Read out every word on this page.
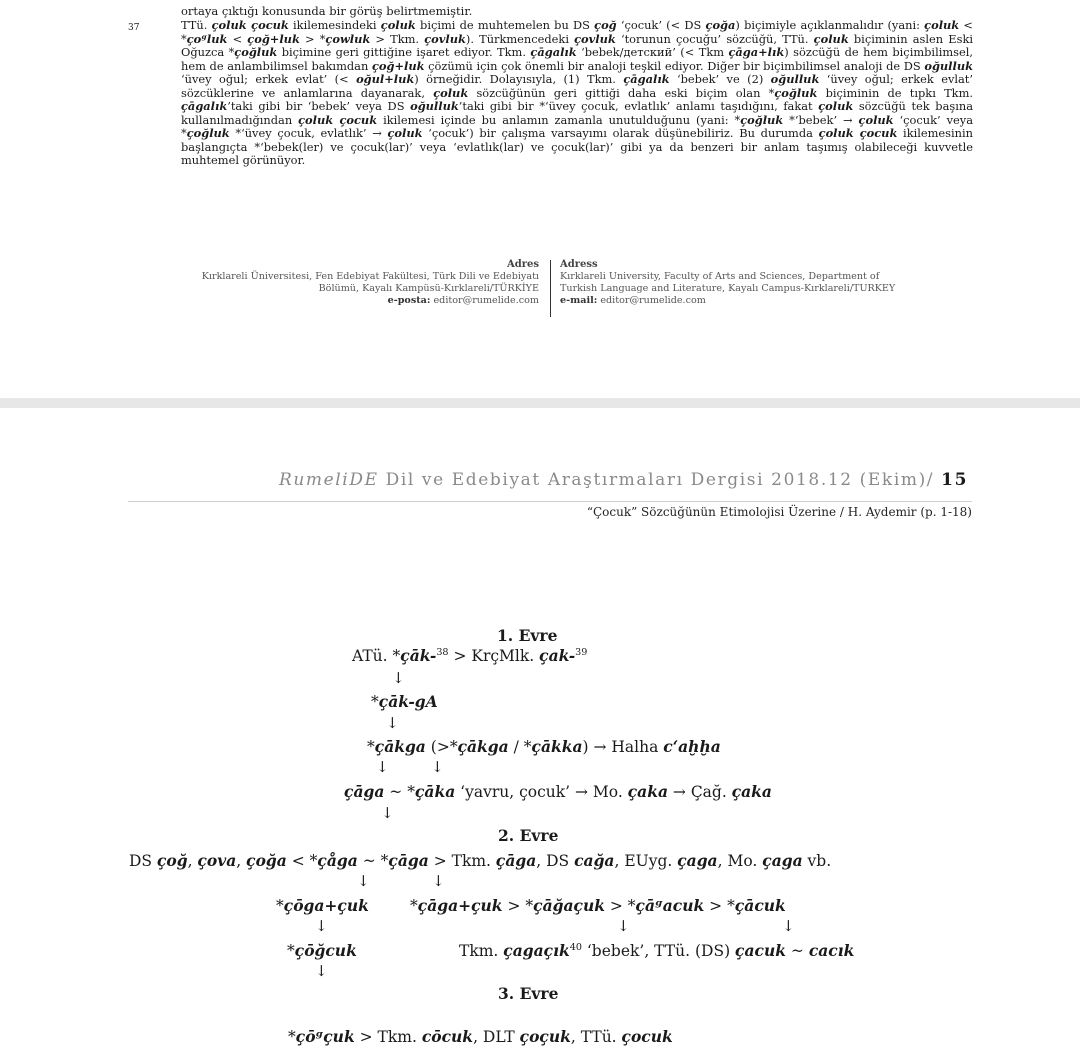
ortaya çıktığı konusunda bir görüş belirtmemiştir.
37	TTü. çoluk çocuk ikilemesindeki çoluk biçimi de muhtemelen bu DS çoğ ‘çocuk’ (< DS çoğa) biçimiyle açıklanmalıdır (yani: çoluk < *çoᵍluk < çoğ+luk > *çowluk > Tkm. çovluk). Türkmencedeki çovluk ‘torunun çocuğu’ sözcüğü, TTü. çoluk biçiminin aslen Eski Oğuzca *çoğluk biçimine geri gittiğine işaret ediyor. Tkm. çāgalık ‘bebek/детский’ (< Tkm çāga+lık) sözcüğü de hem biçimbilimsel, hem de anlambilimsel bakımdan çoğ+luk çözümü için çok önemli bir analoji teşkil ediyor. Diğer bir biçimbilimsel analoji de DS oğulluk ‘üvey oğul; erkek evlat’ (< oğul+luk) örneğidir. Dolayısıyla, (1) Tkm. çāgalık ‘bebek’ ve (2) oğulluk ‘üvey oğul; erkek evlat’ sözcüklerine ve anlamlarına dayanarak, çoluk sözcüğünün geri gittiği daha eski biçim olan *çoğluk biçiminin de tıpkı Tkm. çāgalık’taki gibi bir ‘bebek’ veya DS oğulluk’taki gibi bir *‘üvey çocuk, evlatlık’ anlamı taşıdığını, fakat çoluk sözcüğü tek başına kullanılmadığından çoluk çocuk ikilemesi içinde bu anlamın zamanla unutulduğunu (yani: *çoğluk *‘bebek’ → çoluk ‘çocuk’ veya *çoğluk *‘üvey çocuk, evlatlık’ → çoluk ‘çocuk’) bir çalışma varsayımı olarak düşünebiliriz. Bu durumda çoluk çocuk ikilemesinin başlangıçta *‘bebek(ler) ve çocuk(lar)’ veya ‘evlatlık(lar) ve çocuk(lar)’ gibi ya da benzeri bir anlam taşımış olabileceği kuvvetle muhtemel görünüyor.
Adres
Kırklareli Üniversitesi, Fen Edebiyat Fakültesi, Türk Dili ve Edebiyatı
Bölümü, Kayalı Kampüsü-Kırklareli/TÜRKİYE
e-posta: editor@rumelide.com
Adress
Kırklareli University, Faculty of Arts and Sciences, Department of
Turkish Language and Literature, Kayalı Campus-Kırklareli/TURKEY
e-mail: editor@rumelide.com
RumeliDE Dil ve Edebiyat Araştırmaları Dergisi 2018.12 (Ekim)/ 15
“Çocuk” Sözcüğünün Etimolojisi Üzerine / H. Aydemir (p. 1-18)
1. Evre
ATü. *çāk-$^{38}$ > KrçMlk. çak-$^{39}$
↓
*çāk-gA
↓
*çākga (>*çākga / *çākka) → Halha c‘aḫḫa
↓	↓
çāga ~ *çāka ‘yavru, çocuk’ → Mo. çaka → Çağ. çaka
↓
2. Evre
DS çoğ, çova, çoğa < *ça͏̊ga ~ *çāga > Tkm. çāga, DS cağa, EUyg. çaga, Mo. çaga vb.
↓	↓
*çōga+çuk	*çāga+çuk > *çāğaçuk > *çāᵍacuk > *çācuk
↓	↓	↓
*çōğcuk	Tkm. çagaçık$^{40}$ ‘bebek’, TTü. (DS) çacuk ~ cacık
↓
3. Evre
*çōᵍçuk > Tkm. cōcuk, DLT çoçuk, TTü. çocuk
